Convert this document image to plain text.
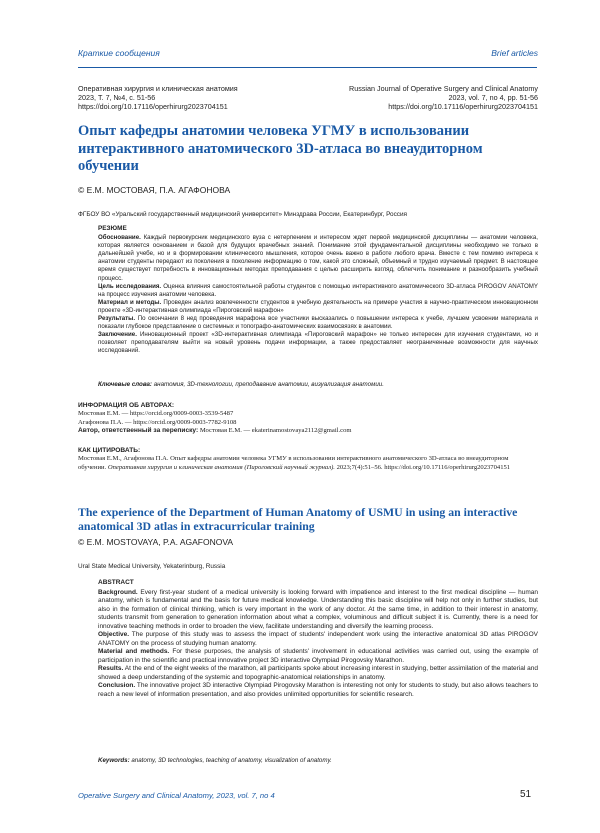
Краткие сообщения	Brief articles
Оперативная хирургия и клиническая анатомия
2023, Т. 7, №4, с. 51-56
https://doi.org/10.17116/operhirurg2023704151
Russian Journal of Operative Surgery and Clinical Anatomy
2023, vol. 7, no 4, pp. 51-56
https://doi.org/10.17116/operhirurg2023704151
Опыт кафедры анатомии человека УГМУ в использовании интерактивного анатомического 3D-атласа во внеаудиторном обучении
© Е.М. МОСТОВАЯ, П.А. АГАФОНОВА
ФГБОУ ВО «Уральский государственный медицинский университет» Минздрава России, Екатеринбург, Россия
РЕЗЮМЕ

Обоснование. Каждый первокурсник медицинского вуза с нетерпением и интересом ждет первой медицинской дисциплины — анатомии человека, которая является основанием и базой для будущих врачебных знаний. Понимание этой фундаментальной дисциплины необходимо не только в дальнейшей учебе, но и в формировании клинического мышления, которое очень важно в работе любого врача. Вместе с тем помимо интереса к анатомии студенты передают из поколения в поколение информацию о том, какой это сложный, объемный и трудно изучаемый предмет. В настоящее время существует потребность в инновационных методах преподавания с целью расширить взгляд, облегчить понимание и разнообразить учебный процесс.

Цель исследования. Оценка влияния самостоятельной работы студентов с помощью интерактивного анатомического 3D-атласа PIROGOV ANATOMY на процесс изучения анатомии человека.

Материал и методы. Проведен анализ вовлеченности студентов в учебную деятельность на примере участия в научно-практическом инновационном проекте «3D-интерактивная олимпиада «Пироговский марафон»

Результаты. По окончании 8 нед проведения марафона все участники высказались о повышении интереса к учебе, лучшем усвоении материала и показали глубокое представление о системных и топографо-анатомических взаимосвязях в анатомии.

Заключение. Инновационный проект «3D-интерактивная олимпиада «Пироговский марафон» не только интересен для изучения студентами, но и позволяет преподавателям выйти на новый уровень подачи информации, а также предоставляет неограниченные возможности для научных исследований.

Ключевые слова: анатомия, 3D-технологии, преподавание анатомии, визуализация анатомии.
ИНФОРМАЦИЯ ОБ АВТОРАХ:
Мостовая Е.М. — https://orcid.org/0009-0003-3539-5487
Агафонова П.А. — https://orcid.org/0009-0003-7782-9108
Автор, ответственный за переписку: Мостовая Е.М. — ekaterinamostovaya2112@gmail.com
КАК ЦИТИРОВАТЬ:
Мостовая Е.М., Агафонова П.А. Опыт кафедры анатомии человека УГМУ в использовании интерактивного анатомического 3D-атласа во внеаудиторном обучении. Оперативная хирургия и клиническая анатомия (Пироговский научный журнал). 2023;7(4):51–56. https://doi.org/10.17116/operhirurg2023704151
The experience of the Department of Human Anatomy of USMU in using an interactive anatomical 3D atlas in extracurricular training
© E.M. MOSTOVAYA, P.A. AGAFONOVA
Ural State Medical University, Yekaterinburg, Russia
ABSTRACT

Background. Every first-year student of a medical university is looking forward with impatience and interest to the first medical discipline — human anatomy, which is fundamental and the basis for future medical knowledge. Understanding this basic discipline will help not only in further studies, but also in the formation of clinical thinking, which is very important in the work of any doctor. At the same time, in addition to their interest in anatomy, students transmit from generation to generation information about what a complex, voluminous and difficult subject it is. Currently, there is a need for innovative teaching methods in order to broaden the view, facilitate understanding and diversify the learning process.

Objective. The purpose of this study was to assess the impact of students' independent work using the interactive anatomical 3D atlas PIROGOV ANATOMY on the process of studying human anatomy.

Material and methods. For these purposes, the analysis of students' involvement in educational activities was carried out, using the example of participation in the scientific and practical innovative project 3D interactive Olympiad Pirogovsky Marathon.

Results. At the end of the eight weeks of the marathon, all participants spoke about increasing interest in studying, better assimilation of the material and showed a deep understanding of the systemic and topographic-anatomical relationships in anatomy.

Conclusion. The innovative project 3D interactive Olympiad Pirogovsky Marathon is interesting not only for students to study, but also allows teachers to reach a new level of information presentation, and also provides unlimited opportunities for scientific research.

Keywords: anatomy, 3D technologies, teaching of anatomy, visualization of anatomy.
Operative Surgery and Clinical Anatomy, 2023, vol. 7, no 4	51
